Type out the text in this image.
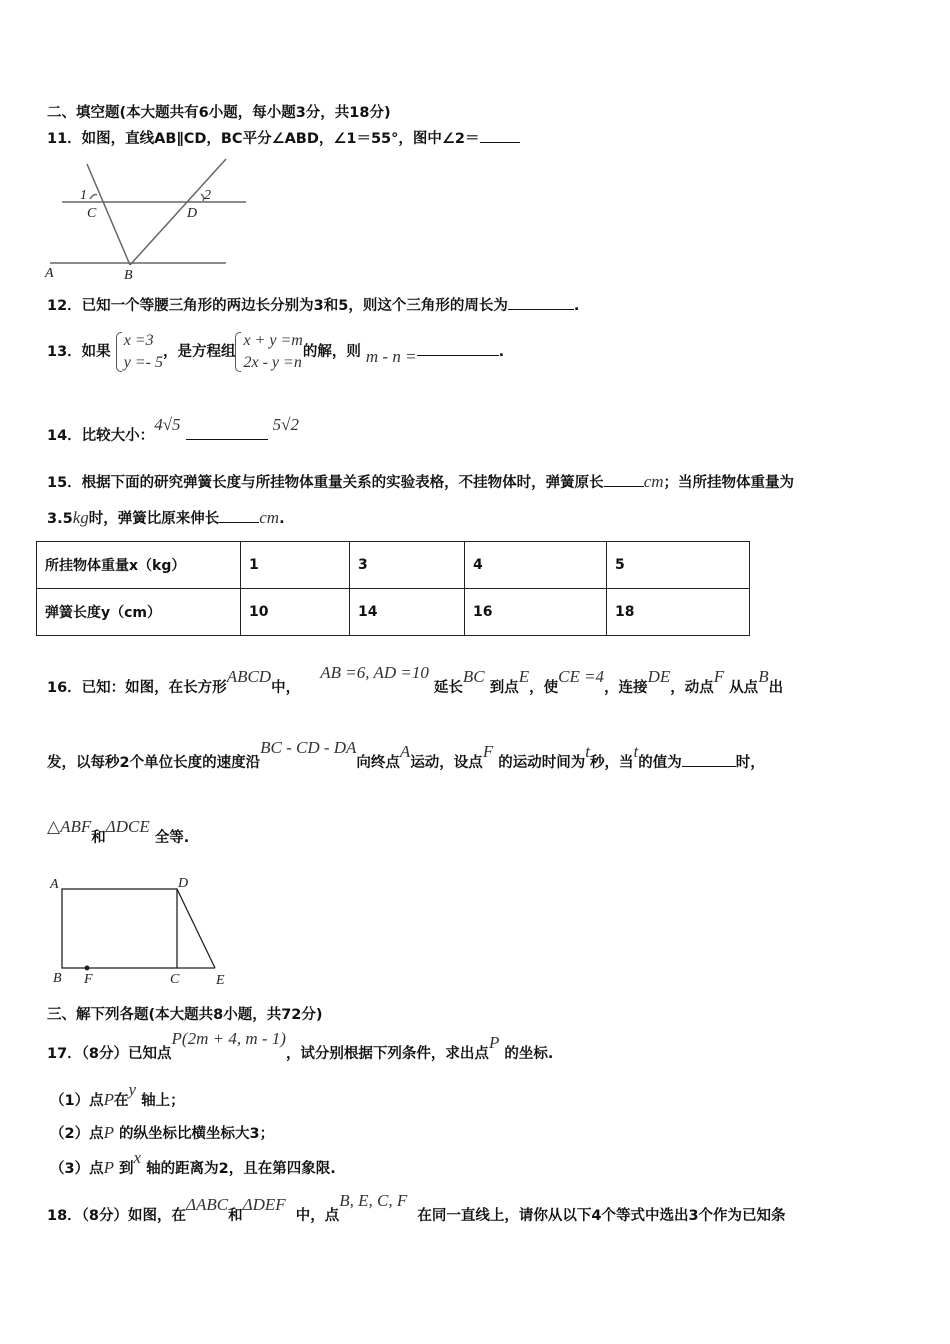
二、填空题(本大题共有6小题，每小题3分，共18分)
11．如图，直线AB∥CD，BC平分∠ABD，∠1＝55°，图中∠2＝
1
C
2
D
A	B
12．已知一个等腰三角形的两边长分别为3和5，则这个三角形的周长为	.
13．如果
x =3
y =- 5
，是方程组
x + y =m
2x - y =n
的解，则 m - n =	.
14．比较大小：4√5	5√2
15．根据下面的研究弹簧长度与所挂物体重量关系的实验表格，不挂物体时，弹簧原长 cm；当所挂物体重量为
3.5kg时，弹簧比原来伸长 cm.
所挂物体重量x（kg）	1	3	4	5
弹簧长度y（cm）	10	14	16	18
16．已知：如图，在长方形ABCD中，    AB =6, AD =10 延长BC 到点E，使CE =4，连接DE，动点F 从点B出
发，以每秒2个单位长度的速度沿BC - CD - DA向终点A运动，设点F 的运动时间为t秒，当t的值为	时，
△ABF和ΔDCE 全等.
A	D
B F	C	E
三、解下列各题(本大题共8小题，共72分)
17．（8分）已知点P(2m + 4, m - 1)，试分别根据下列条件，求出点P 的坐标.
（1）点P在y 轴上；
（2）点P 的纵坐标比横坐标大3；
（3）点P 到x 轴的距离为2，且在第四象限.
18．（8分）如图，在ΔABC和ΔDEF  中，点B, E, C, F  在同一直线上，请你从以下4个等式中选出3个作为已知条
